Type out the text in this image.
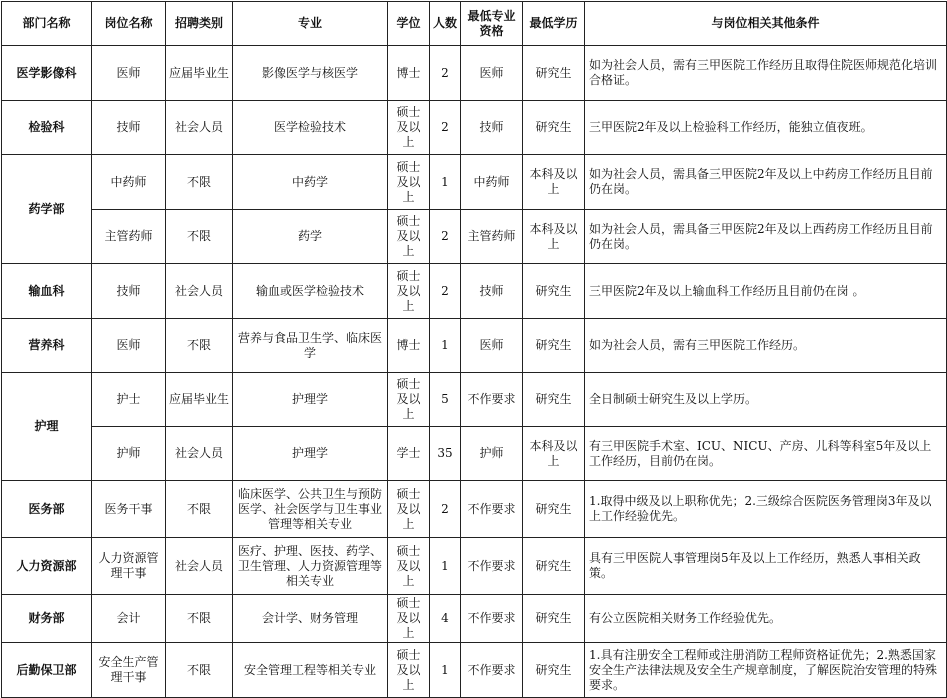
部门名称	岗位名称	招聘类别	专业	学位	人数	最低专业资格	最低学历	与岗位相关其他条件
医学影像科	医师	应届毕业生	影像医学与核医学	博士	2	医师	研究生	如为社会人员，需有三甲医院工作经历且取得住院医师规范化培训合格证。
检验科	技师	社会人员	医学检验技术	硕士及以上	2	技师	研究生	三甲医院2年及以上检验科工作经历，能独立值夜班。
药学部	中药师	不限	中药学	硕士及以上	1	中药师	本科及以上	如为社会人员，需具备三甲医院2年及以上中药房工作经历且目前仍在岗。
	主管药师	不限	药学	硕士及以上	2	主管药师	本科及以上	如为社会人员，需具备三甲医院2年及以上西药房工作经历且目前仍在岗。
输血科	技师	社会人员	输血或医学检验技术	硕士及以上	2	技师	研究生	三甲医院2年及以上输血科工作经历且目前仍在岗 。
营养科	医师	不限	营养与食品卫生学、临床医学	博士	1	医师	研究生	如为社会人员，需有三甲医院工作经历。
护理	护士	应届毕业生	护理学	硕士及以上	5	不作要求	研究生	全日制硕士研究生及以上学历。
	护师	社会人员	护理学	学士	35	护师	本科及以上	有三甲医院手术室、ICU、NICU、产房、儿科等科室5年及以上工作经历，目前仍在岗。
医务部	医务干事	不限	临床医学、公共卫生与预防医学、社会医学与卫生事业管理等相关专业	硕士及以上	2	不作要求	研究生	1.取得中级及以上职称优先；2.三级综合医院医务管理岗3年及以上工作经验优先。
人力资源部	人力资源管理干事	社会人员	医疗、护理、医技、药学、卫生管理、人力资源管理等相关专业	硕士及以上	1	不作要求	研究生	具有三甲医院人事管理岗5年及以上工作经历，熟悉人事相关政策。
财务部	会计	不限	会计学、财务管理	硕士及以上	4	不作要求	研究生	有公立医院相关财务工作经验优先。
后勤保卫部	安全生产管理干事	不限	安全管理工程等相关专业	硕士及以上	1	不作要求	研究生	1.具有注册安全工程师或注册消防工程师资格证优先；2.熟悉国家安全生产法律法规及安全生产规章制度，了解医院治安管理的特殊要求。
